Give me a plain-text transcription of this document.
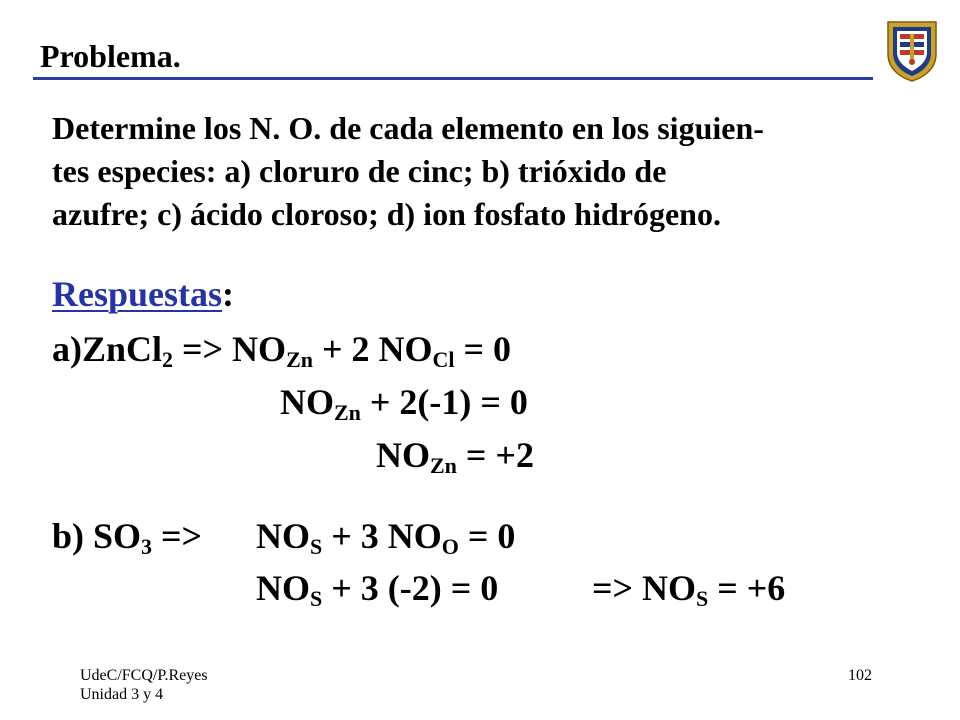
Problema.
Determine los N. O. de cada elemento en los siguien-
tes especies: a) cloruro de cinc; b) trióxido de
azufre; c) ácido cloroso; d) ion fosfato hidrógeno.
Respuestas:
a)ZnCl$_2$ => $NO_{Zn} + 2$ $NO_{Cl} = 0$
$NO_{Zn} + 2(-1) = 0$
$NO_{Zn} = +2$
b) $SO_3 => NO_S + 3$ $NO_O = 0$
$NO_S + 3$ (-2) = 0	=> $NO_S = +6$
UdeC/FCQ/P.Reyes
Unidad 3 y 4
102
